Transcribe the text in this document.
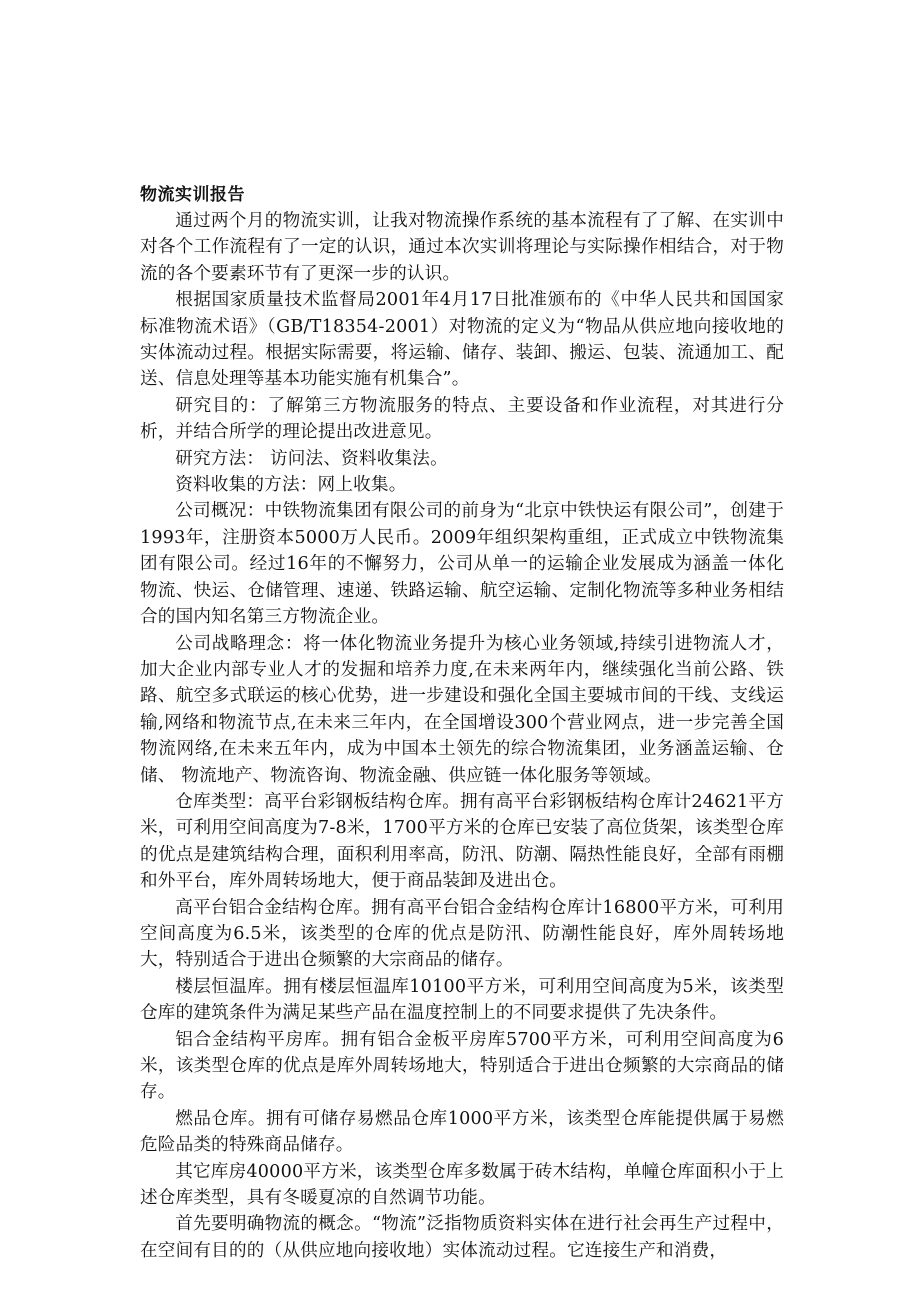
物流实训报告

通过两个月的物流实训，让我对物流操作系统的基本流程有了了解、在实训中对各个工作流程有了一定的认识，通过本次实训将理论与实际操作相结合，对于物流的各个要素环节有了更深一步的认识。

根据国家质量技术监督局2001年4月17日批准颁布的《中华人民共和国国家标准物流术语》（GB/T18354-2001）对物流的定义为“物品从供应地向接收地的实体流动过程。根据实际需要，将运输、储存、装卸、搬运、包装、流通加工、配送、信息处理等基本功能实施有机集合”。

研究目的：了解第三方物流服务的特点、主要设备和作业流程，对其进行分析，并结合所学的理论提出改进意见。

研究方法： 访问法、资料收集法。

资料收集的方法：网上收集。

公司概况：中铁物流集团有限公司的前身为“北京中铁快运有限公司”，创建于1993年，注册资本5000万人民币。2009年组织架构重组，正式成立中铁物流集团有限公司。经过16年的不懈努力，公司从单一的运输企业发展成为涵盖一体化物流、快运、仓储管理、速递、铁路运输、航空运输、定制化物流等多种业务相结合的国内知名第三方物流企业。

公司战略理念：将一体化物流业务提升为核心业务领域,持续引进物流人才，加大企业内部专业人才的发掘和培养力度,在未来两年内，继续强化当前公路、铁路、航空多式联运的核心优势，进一步建设和强化全国主要城市间的干线、支线运输,网络和物流节点,在未来三年内，在全国增设300个营业网点，进一步完善全国物流网络,在未来五年内，成为中国本土领先的综合物流集团，业务涵盖运输、仓储、 物流地产、物流咨询、物流金融、供应链一体化服务等领域。

仓库类型：高平台彩钢板结构仓库。拥有高平台彩钢板结构仓库计24621平方米，可利用空间高度为7-8米，1700平方米的仓库已安装了高位货架，该类型仓库的优点是建筑结构合理，面积利用率高，防汛、防潮、隔热性能良好，全部有雨棚和外平台，库外周转场地大，便于商品装卸及进出仓。

高平台铝合金结构仓库。拥有高平台铝合金结构仓库计16800平方米，可利用空间高度为6.5米，该类型的仓库的优点是防汛、防潮性能良好，库外周转场地大，特别适合于进出仓频繁的大宗商品的储存。

楼层恒温库。拥有楼层恒温库10100平方米，可利用空间高度为5米，该类型仓库的建筑条件为满足某些产品在温度控制上的不同要求提供了先决条件。

铝合金结构平房库。拥有铝合金板平房库5700平方米，可利用空间高度为6米，该类型仓库的优点是库外周转场地大，特别适合于进出仓频繁的大宗商品的储存。

燃品仓库。拥有可储存易燃品仓库1000平方米，该类型仓库能提供属于易燃危险品类的特殊商品储存。

其它库房40000平方米，该类型仓库多数属于砖木结构，单幢仓库面积小于上述仓库类型，具有冬暖夏凉的自然调节功能。

首先要明确物流的概念。“物流”泛指物质资料实体在进行社会再生产过程中，在空间有目的的（从供应地向接收地）实体流动过程。它连接生产和消费，
